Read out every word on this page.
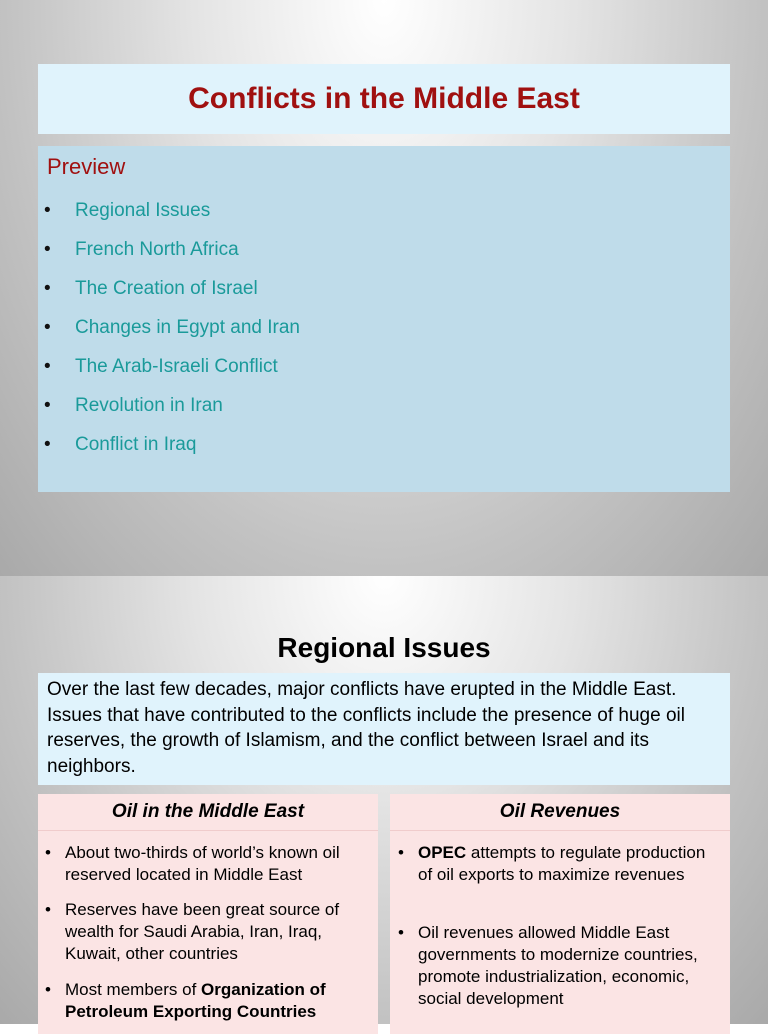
Conflicts in the Middle East
Preview
• Regional Issues
• French North Africa
• The Creation of Israel
• Changes in Egypt and Iran
• The Arab-Israeli Conflict
• Revolution in Iran
• Conflict in Iraq
Regional Issues
Over the last few decades, major conflicts have erupted in the Middle East. Issues that have contributed to the conflicts include the presence of huge oil reserves, the growth of Islamism, and the conflict between Israel and its neighbors.
Oil in the Middle East
• About two-thirds of world’s known oil reserved located in Middle East
• Reserves have been great source of wealth for Saudi Arabia, Iran, Iraq, Kuwait, other countries
• Most members of Organization of Petroleum Exporting Countries
Oil Revenues
• OPEC attempts to regulate production of oil exports to maximize revenues
• Oil revenues allowed Middle East governments to modernize countries, promote industrialization, economic, social development
